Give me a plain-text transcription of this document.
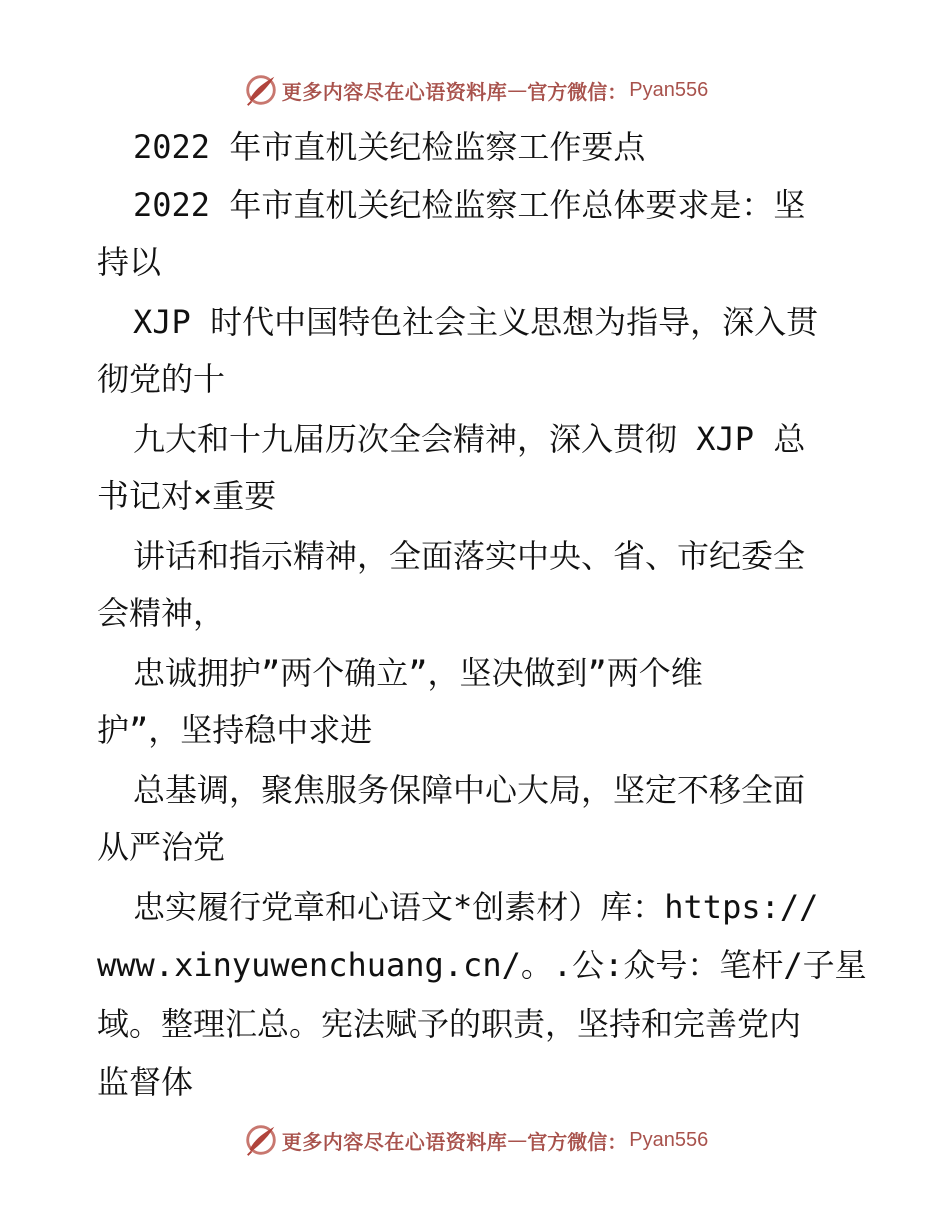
更多内容尽在心语资料库 — 官方微信： Pyan556
2022 年市直机关纪检监察工作要点
2022 年市直机关纪检监察工作总体要求是：坚
持以
XJP 时代中国特色社会主义思想为指导，深入贯
彻党的十
九大和十九届历次全会精神，深入贯彻 XJP 总
书记对×重要
讲话和指示精神，全面落实中央、省、市纪委全
会精神，
忠诚拥护”两个确立”，坚决做到”两个维
护”，坚持稳中求进
总基调，聚焦服务保障中心大局，坚定不移全面
从严治党
忠实履行党章和心语文*创素材）库：https://
www.xinyuwenchuang.cn/。.公:众号：笔杆/子星
域。整理汇总。宪法赋予的职责，坚持和完善党内
监督体
更多内容尽在心语资料库 — 官方微信： Pyan556
